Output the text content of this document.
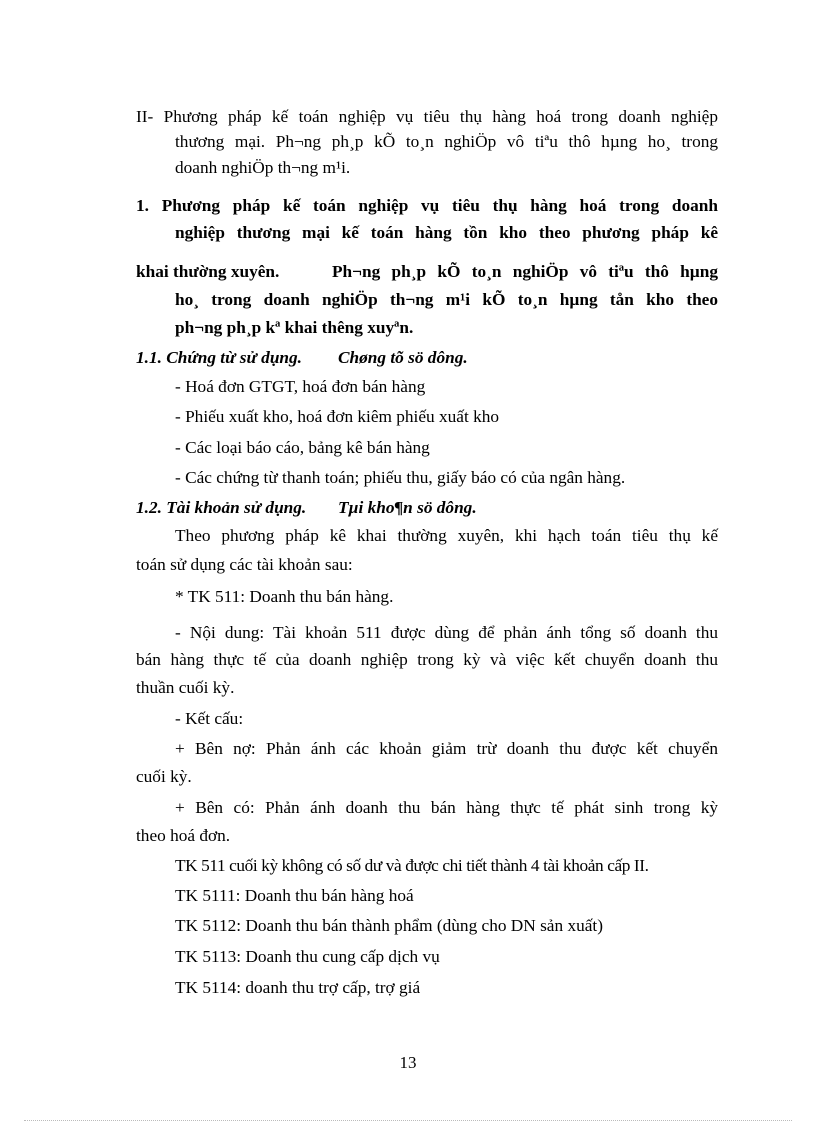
II- Phương pháp kế toán nghiệp vụ tiêu thụ hàng hoá trong doanh nghiệp
thương mại. Ph¬ng ph¸p kÕ to¸n nghiÖp vô tiªu thô hµng ho¸ trong
doanh nghiÖp th¬ng m¹i.
1. Phương pháp kế toán nghiệp vụ tiêu thụ hàng hoá trong doanh
nghiệp thương mại kế toán hàng tồn kho theo phương pháp kê
khai thường xuyên.	Ph¬ng ph¸p kÕ to¸n nghiÖp vô tiªu thô hµng
ho¸ trong doanh nghiÖp th¬ng m¹i kÕ to¸n hµng tån kho theo
ph¬ng ph¸p kª khai thêng xuyªn.
1.1. Chứng từ sử dụng. Chøng tõ sö dông.
- Hoá đơn GTGT, hoá đơn bán hàng
- Phiếu xuất kho, hoá đơn kiêm phiếu xuất kho
- Các loại báo cáo, bảng kê bán hàng
- Các chứng từ thanh toán; phiếu thu, giấy báo có của ngân hàng.
1.2. Tài khoản sử dụng. Tµi kho¶n sö dông.
Theo phương pháp kê khai thường xuyên, khi hạch toán tiêu thụ kế
toán sử dụng các tài khoản sau:
* TK 511: Doanh thu bán hàng.
- Nội dung: Tài khoản 511 được dùng để phản ánh tổng số doanh thu
bán hàng thực tế của doanh nghiệp trong kỳ và việc kết chuyển doanh thu
thuần cuối kỳ.
- Kết cấu:
+ Bên nợ: Phản ánh các khoản giảm trừ doanh thu được kết chuyển
cuối kỳ.
+ Bên có: Phản ánh doanh thu bán hàng thực tế phát sinh trong kỳ
theo hoá đơn.
TK 511 cuối kỳ không có số dư và được chi tiết thành 4 tài khoản cấp II.
TK 5111: Doanh thu bán hàng hoá
TK 5112: Doanh thu bán thành phẩm (dùng cho DN sản xuất)
TK 5113: Doanh thu cung cấp dịch vụ
TK 5114: doanh thu trợ cấp, trợ giá
13
